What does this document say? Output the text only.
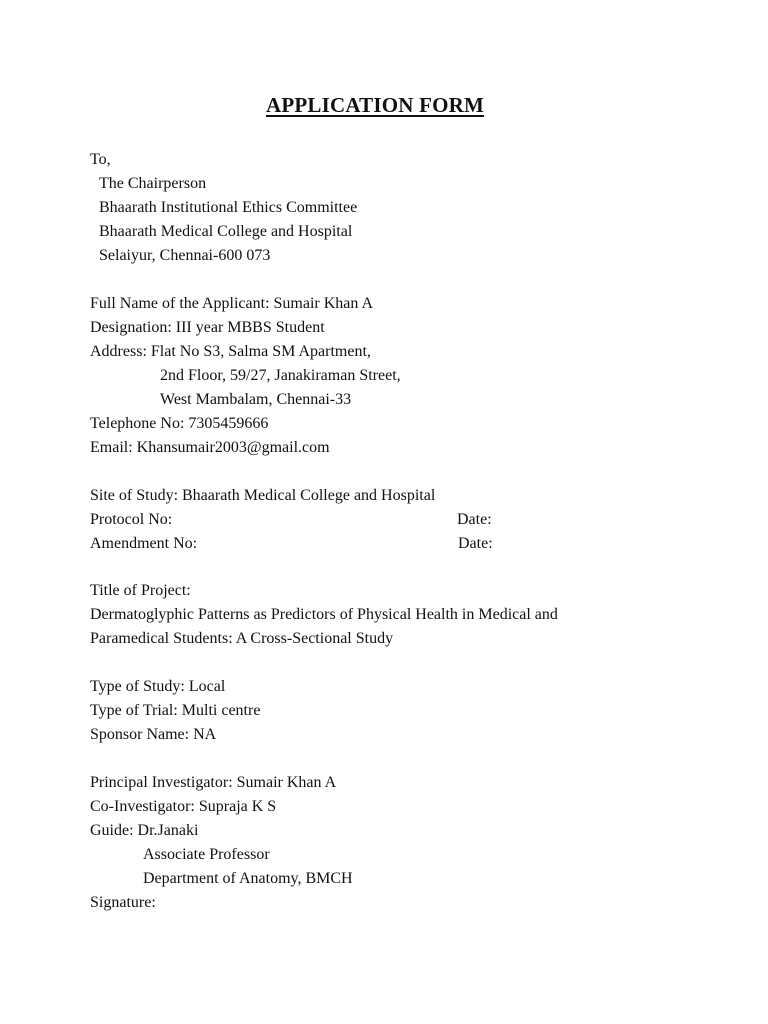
APPLICATION FORM
To,
The Chairperson
Bhaarath Institutional Ethics Committee
Bhaarath Medical College and Hospital
Selaiyur, Chennai-600 073
Full Name of the Applicant: Sumair Khan A
Designation: III year MBBS Student
Address: Flat No S3, Salma SM Apartment,
2nd Floor, 59/27, Janakiraman Street,
West Mambalam, Chennai-33
Telephone No: 7305459666
Email: Khansumair2003@gmail.com
Site of Study: Bhaarath Medical College and Hospital
Protocol No:	Date:
Amendment No:	Date:
Title of Project:
Dermatoglyphic Patterns as Predictors of Physical Health in Medical and
Paramedical Students: A Cross-Sectional Study
Type of Study: Local
Type of Trial: Multi centre
Sponsor Name: NA
Principal Investigator: Sumair Khan A
Co-Investigator: Supraja K S
Guide: Dr.Janaki
Associate Professor
Department of Anatomy, BMCH
Signature:
